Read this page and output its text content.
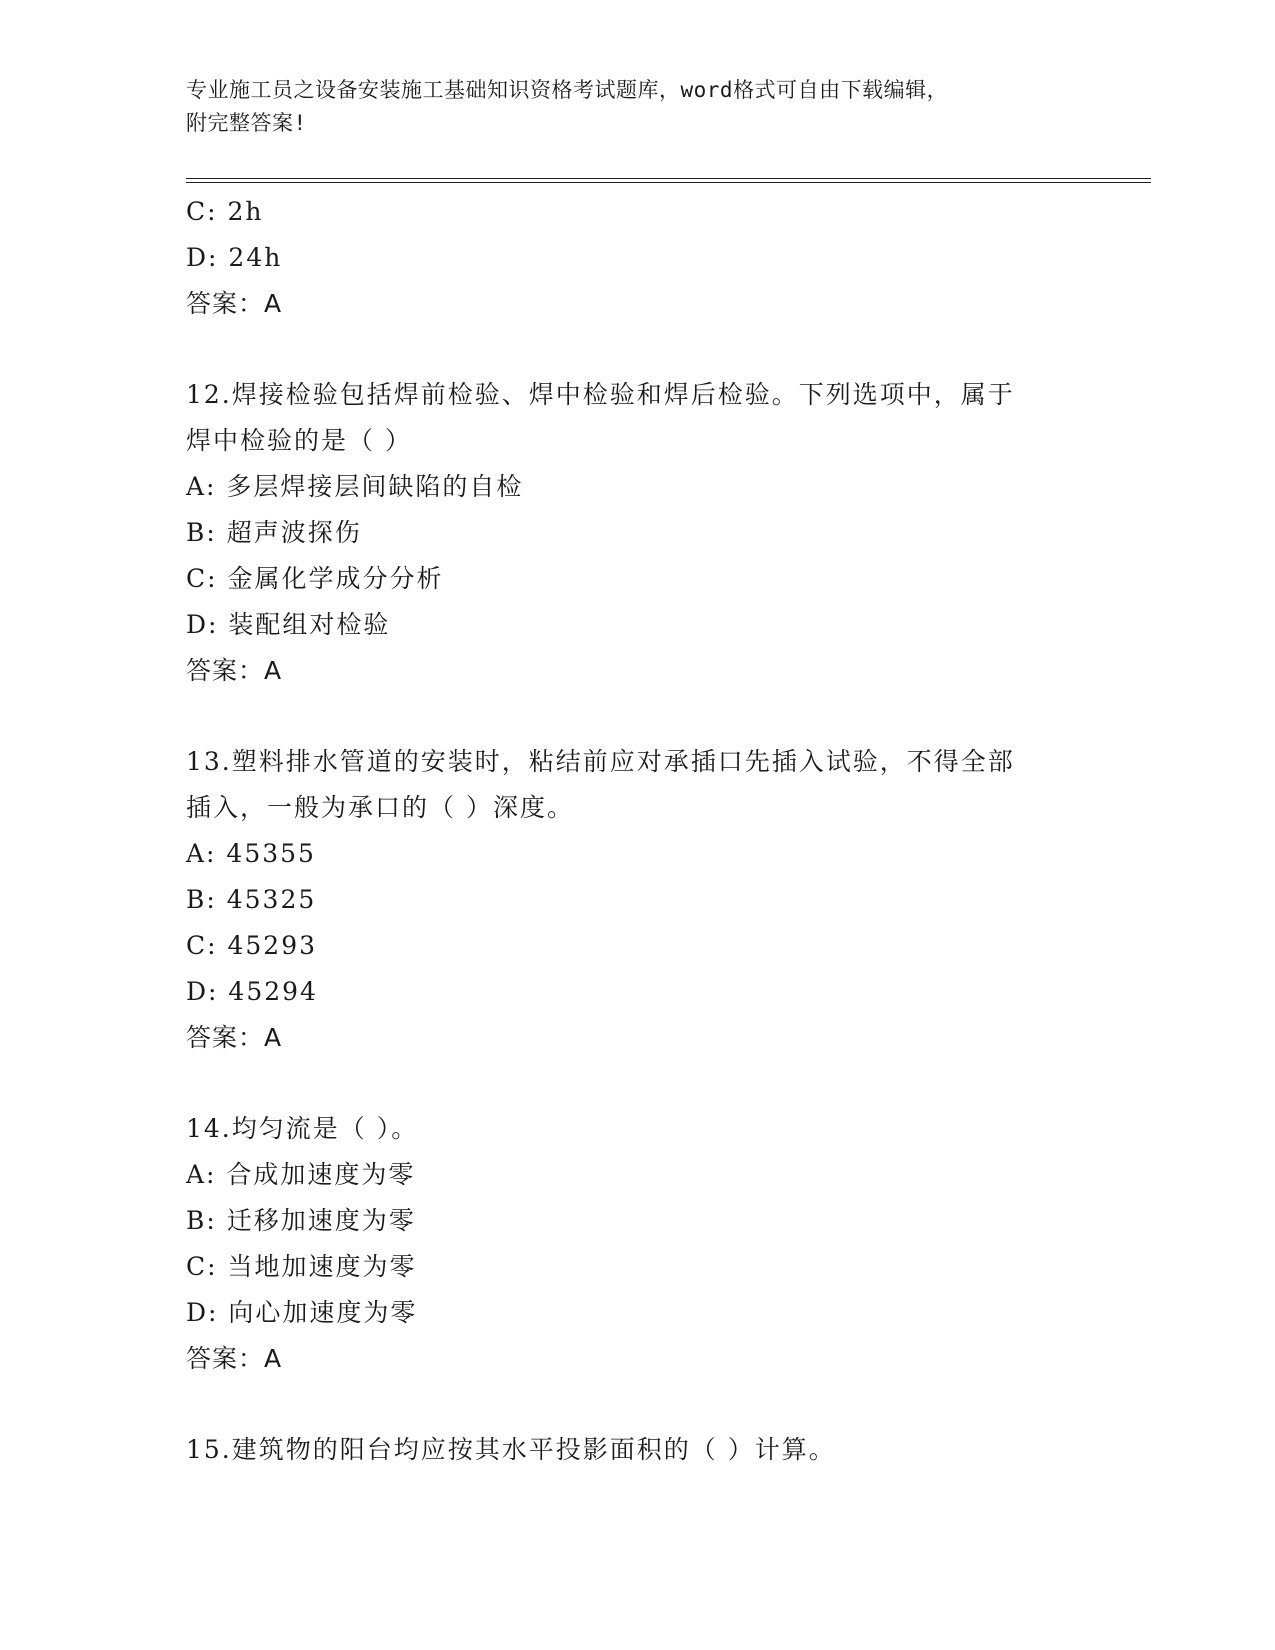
专业施工员之设备安装施工基础知识资格考试题库，word格式可自由下载编辑，
附完整答案!
C: 2h
D: 24h
答案：A
12.焊接检验包括焊前检验、焊中检验和焊后检验。下列选项中，属于
焊中检验的是（ ）
A: 多层焊接层间缺陷的自检
B: 超声波探伤
C: 金属化学成分分析
D: 装配组对检验
答案：A
13.塑料排水管道的安装时，粘结前应对承插口先插入试验，不得全部
插入，一般为承口的（ ）深度。
A: 45355
B: 45325
C: 45293
D: 45294
答案：A
14.均匀流是（ ）。
A: 合成加速度为零
B: 迁移加速度为零
C: 当地加速度为零
D: 向心加速度为零
答案：A
15.建筑物的阳台均应按其水平投影面积的（ ）计算。
